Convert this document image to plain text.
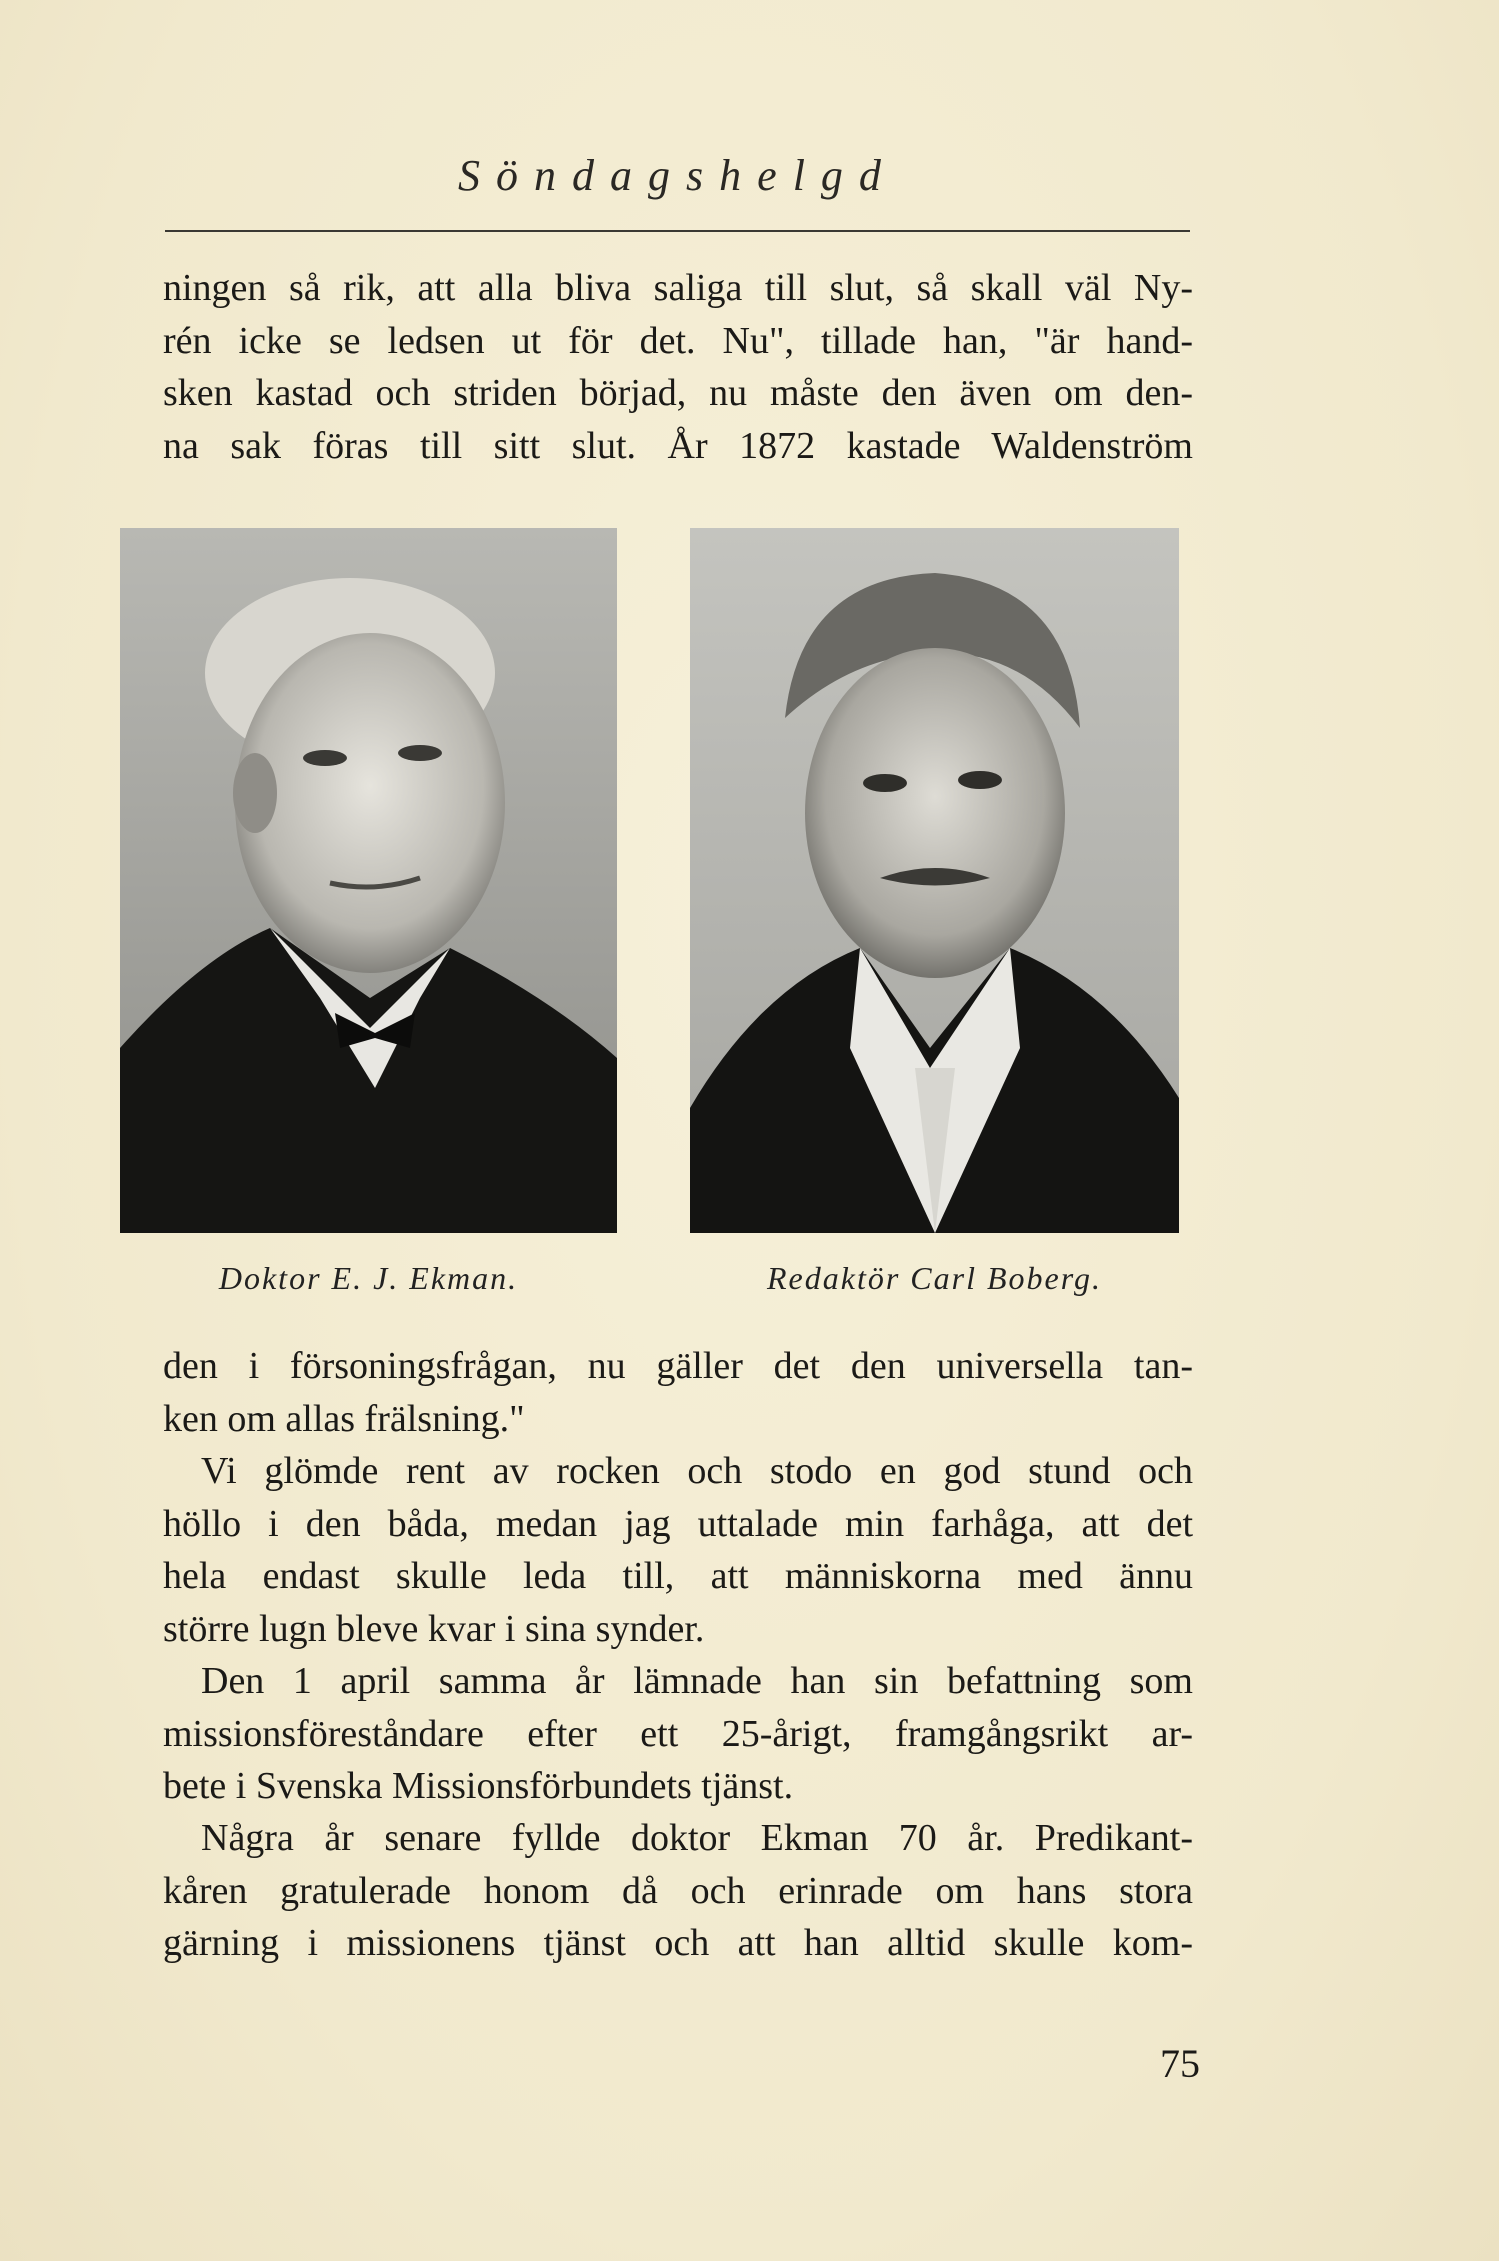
Söndagshelgd
ningen så rik, att alla bliva saliga till slut, så skall väl Ny-
rén icke se ledsen ut för det. Nu", tillade han, "är hand-
sken kastad och striden börjad, nu måste den även om den-
na sak föras till sitt slut. År 1872 kastade Waldenström
Doktor E. J. Ekman.	Redaktör Carl Boberg.
den i försoningsfrågan, nu gäller det den universella tan-
ken om allas frälsning."
Vi glömde rent av rocken och stodo en god stund och
höllo i den båda, medan jag uttalade min farhåga, att det
hela endast skulle leda till, att människorna med ännu
större lugn bleve kvar i sina synder.
Den 1 april samma år lämnade han sin befattning som
missionsföreståndare efter ett 25-årigt, framgångsrikt ar-
bete i Svenska Missionsförbundets tjänst.
Några år senare fyllde doktor Ekman 70 år. Predikant-
kåren gratulerade honom då och erinrade om hans stora
gärning i missionens tjänst och att han alltid skulle kom-
75
